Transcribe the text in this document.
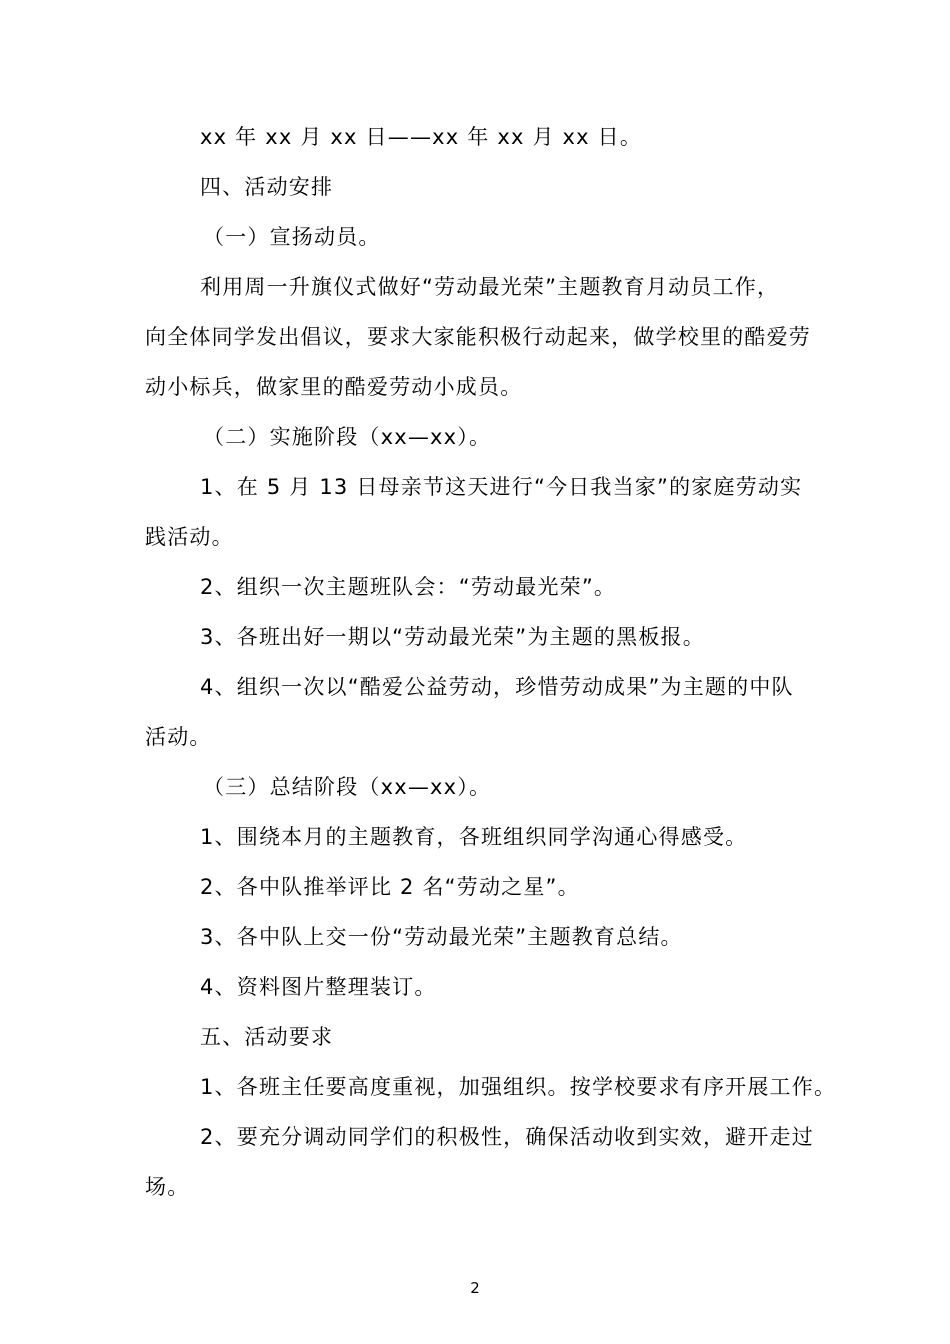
xx 年 xx 月 xx 日——xx 年 xx 月 xx 日。
四、活动安排
（一）宣扬动员。
利用周一升旗仪式做好“劳动最光荣”主题教育月动员工作，
向全体同学发出倡议，要求大家能积极行动起来，做学校里的酷爱劳
动小标兵，做家里的酷爱劳动小成员。
（二）实施阶段（xx—xx）。
1、在 5 月 13 日母亲节这天进行“今日我当家”的家庭劳动实
践活动。
2、组织一次主题班队会：“劳动最光荣”。
3、各班出好一期以“劳动最光荣”为主题的黑板报。
4、组织一次以“酷爱公益劳动，珍惜劳动成果”为主题的中队
活动。
（三）总结阶段（xx—xx）。
1、围绕本月的主题教育，各班组织同学沟通心得感受。
2、各中队推举评比 2 名“劳动之星”。
3、各中队上交一份“劳动最光荣”主题教育总结。
4、资料图片整理装订。
五、活动要求
1、各班主任要高度重视，加强组织。按学校要求有序开展工作。
2、要充分调动同学们的积极性，确保活动收到实效，避开走过
场。
2
